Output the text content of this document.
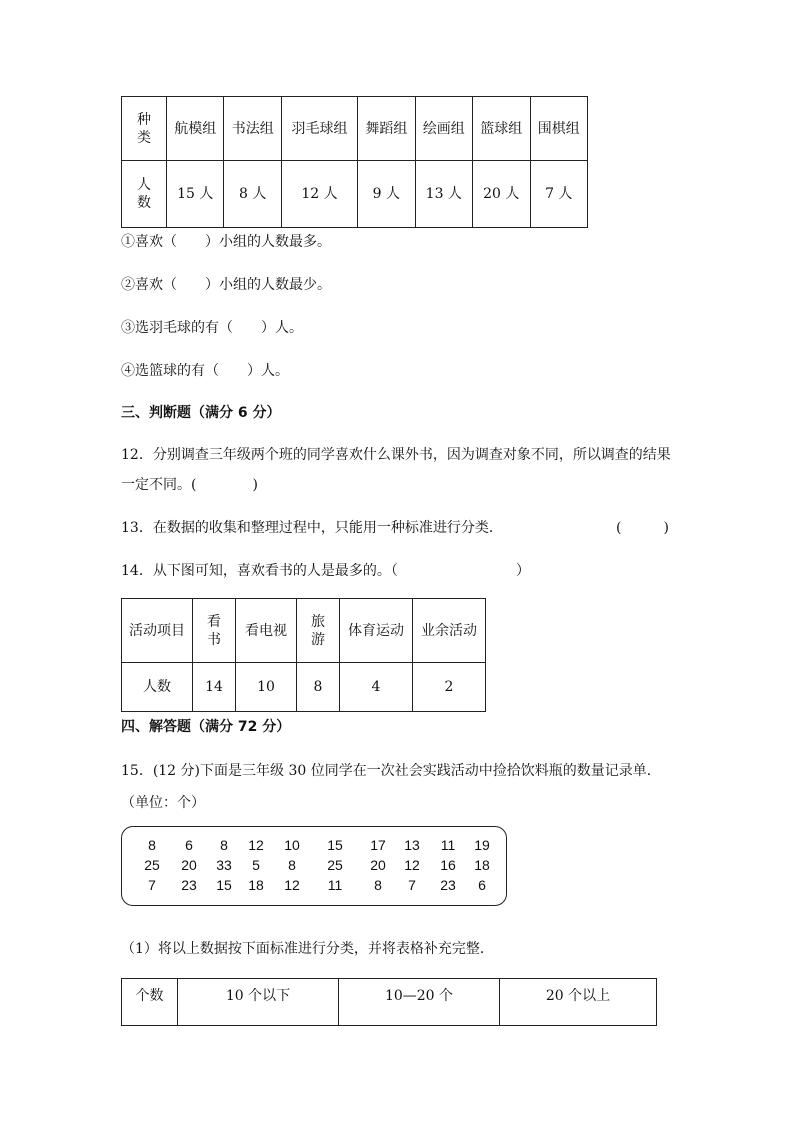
种类	航模组	书法组	羽毛球组	舞蹈组	绘画组	篮球组	围棋组
人数	15 人	8 人	12 人	9 人	13 人	20 人	7 人
①喜欢（　　）小组的人数最多。
②喜欢（　　）小组的人数最少。
③选羽毛球的有（　　）人。
④选篮球的有（　　）人。
三、判断题（满分 6 分）
12．分别调查三年级两个班的同学喜欢什么课外书，因为调查对象不同，所以调查的结果
一定不同。(　　　　)
13．在数据的收集和整理过程中，只能用一种标准进行分类．	(　　　)
14．从下图可知，喜欢看书的人是最多的。（	）
活动项目	看书	看电视	旅游	体育运动	业余活动
人数	14	10	8	4	2
四、解答题（满分 72 分）
15．(12 分)下面是三年级 30 位同学在一次社会实践活动中捡拾饮料瓶的数量记录单．
（单位：个）
8	6	8	12	10	15	17	13	11	19
25	20	33	5	8	25	20	12	16	18
7	23	15	18	12	11	8	7	23	6
（1）将以上数据按下面标准进行分类，并将表格补充完整．
个数	10 个以下	10—20 个	20 个以上
